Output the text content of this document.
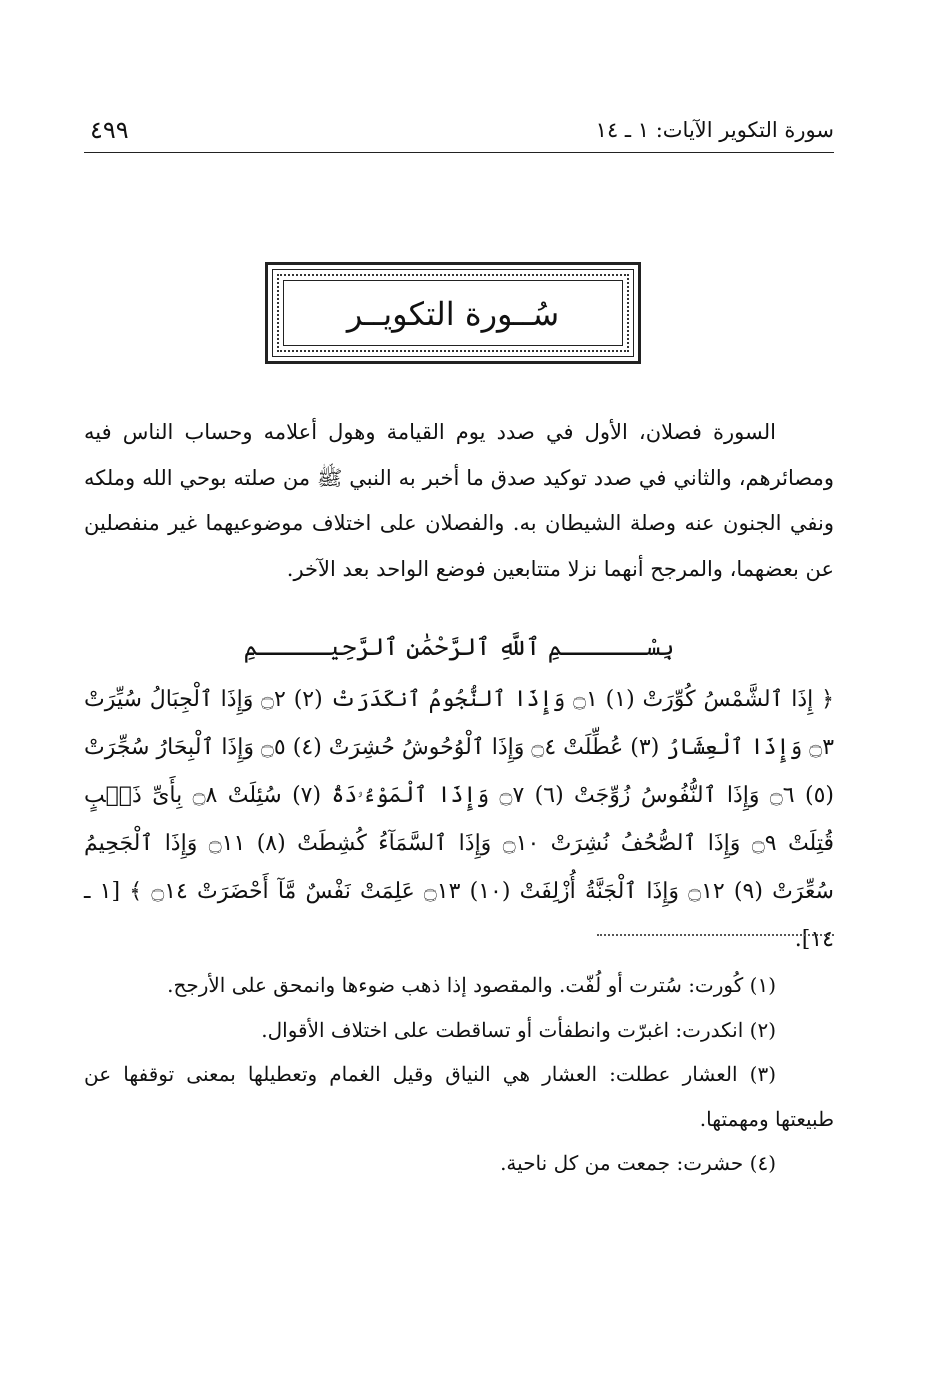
سورة التكوير الآيات: ١ ـ ١٤
٤٩٩
سُــورة التكويــر

السورة فصلان، الأول في صدد يوم القيامة وهول أعلامه وحساب الناس فيه ومصائرهم، والثاني في صدد توكيد صدق ما أخبر به النبي ﷺ من صلته بوحي الله وملكه ونفي الجنون عنه وصلة الشيطان به. والفصلان على اختلاف موضوعيهما غير منفصلين عن بعضهما، والمرجح أنهما نزلا متتابعين فوضع الواحد بعد الآخر.

بِسْــــــمِ ٱللَّهِ ٱلرَّحْمَٰنِ ٱلرَّحِيـــــمِ
﴿ إِذَا ٱلشَّمْسُ كُوِّرَتْ (١) ۝١ وَإِذَا ٱلنُّجُومُ ٱنكَدَرَتْ (٢) ۝٢ وَإِذَا ٱلْجِبَالُ سُيِّرَتْ ۝٣ وَإِذَا ٱلْعِشَارُ (٣) عُطِّلَتْ ۝٤ وَإِذَا ٱلْوُحُوشُ حُشِرَتْ (٤) ۝٥ وَإِذَا ٱلْبِحَارُ سُجِّرَتْ (٥) ۝٦ وَإِذَا ٱلنُّفُوسُ زُوِّجَتْ (٦) ۝٧ وَإِذَا ٱلْمَوْءُۥدَةُ (٧) سُئِلَتْ ۝٨ بِأَىِّ ذَنۢبٍ قُتِلَتْ ۝٩ وَإِذَا ٱلصُّحُفُ نُشِرَتْ ۝١٠ وَإِذَا ٱلسَّمَآءُ كُشِطَتْ (٨) ۝١١ وَإِذَا ٱلْجَحِيمُ سُعِّرَتْ (٩) ۝١٢ وَإِذَا ٱلْجَنَّةُ أُزْلِفَتْ (١٠) ۝١٣ عَلِمَتْ نَفْسٌ مَّآ أَحْضَرَتْ ۝١٤ ﴾ [١ ـ ١٤].

(١) كُورت: سُترت أو لُفّت. والمقصود إذا ذهب ضوءها وانمحق على الأرجح.

(٢) انكدرت: اغبرّت وانطفأت أو تساقطت على اختلاف الأقوال.

(٣) العشار عطلت: العشار هي النياق وقيل الغمام وتعطيلها بمعنى توقفها عن طبيعتها ومهمتها.

(٤) حشرت: جمعت من كل ناحية.
